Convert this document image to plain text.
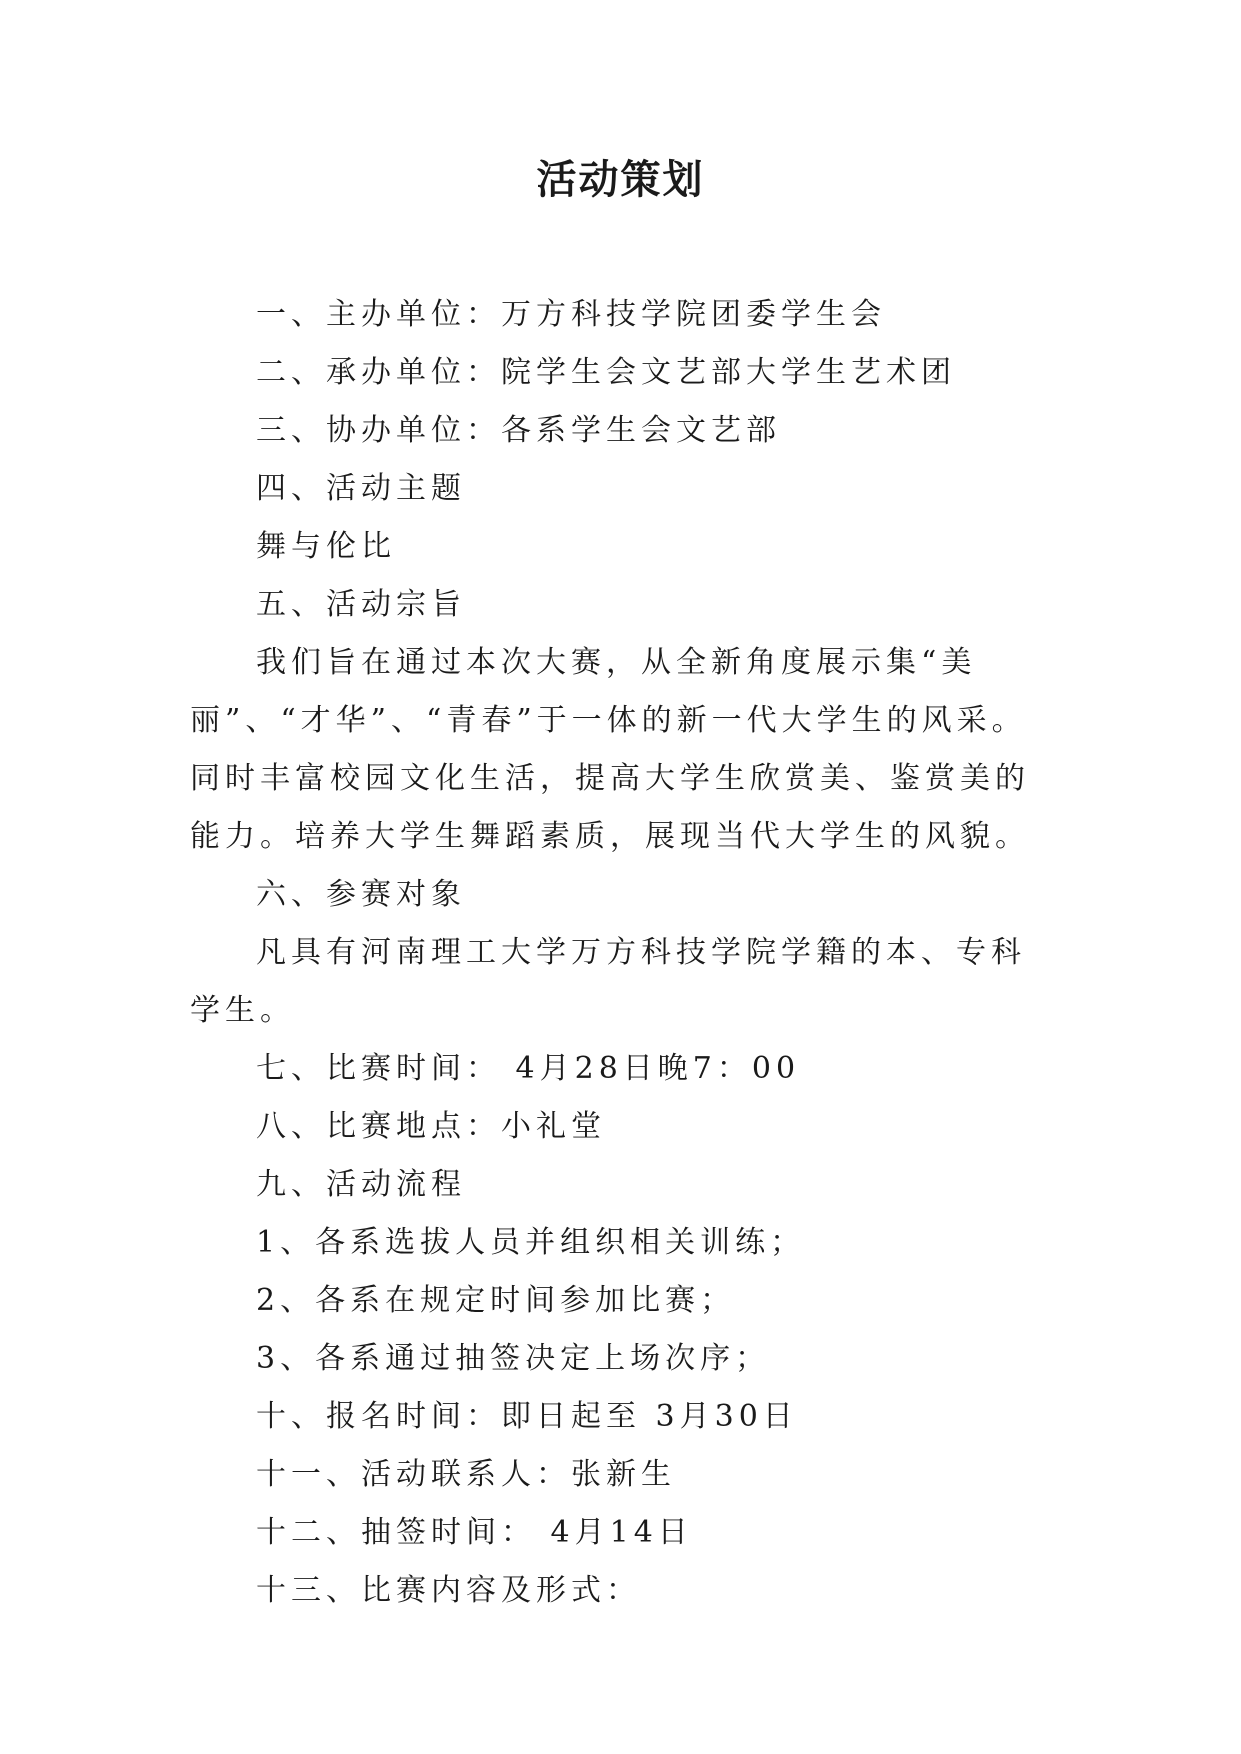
活动策划

一、主办单位：万方科技学院团委学生会

二、承办单位：院学生会文艺部大学生艺术团

三、协办单位：各系学生会文艺部

四、活动主题

舞与伦比

五、活动宗旨

我们旨在通过本次大赛，从全新角度展示集“美丽”、“才华”、“青春”于一体的新一代大学生的风采。同时丰富校园文化生活，提高大学生欣赏美、鉴赏美的能力。培养大学生舞蹈素质，展现当代大学生的风貌。

六、参赛对象

凡具有河南理工大学万方科技学院学籍的本、专科学生。

七、比赛时间： 4月28日晚7：00

八、比赛地点：小礼堂

九、活动流程

1、各系选拔人员并组织相关训练；

2、各系在规定时间参加比赛；

3、各系通过抽签决定上场次序；

十、报名时间：即日起至 3月30日

十一、活动联系人：张新生

十二、抽签时间： 4月14日

十三、比赛内容及形式：
